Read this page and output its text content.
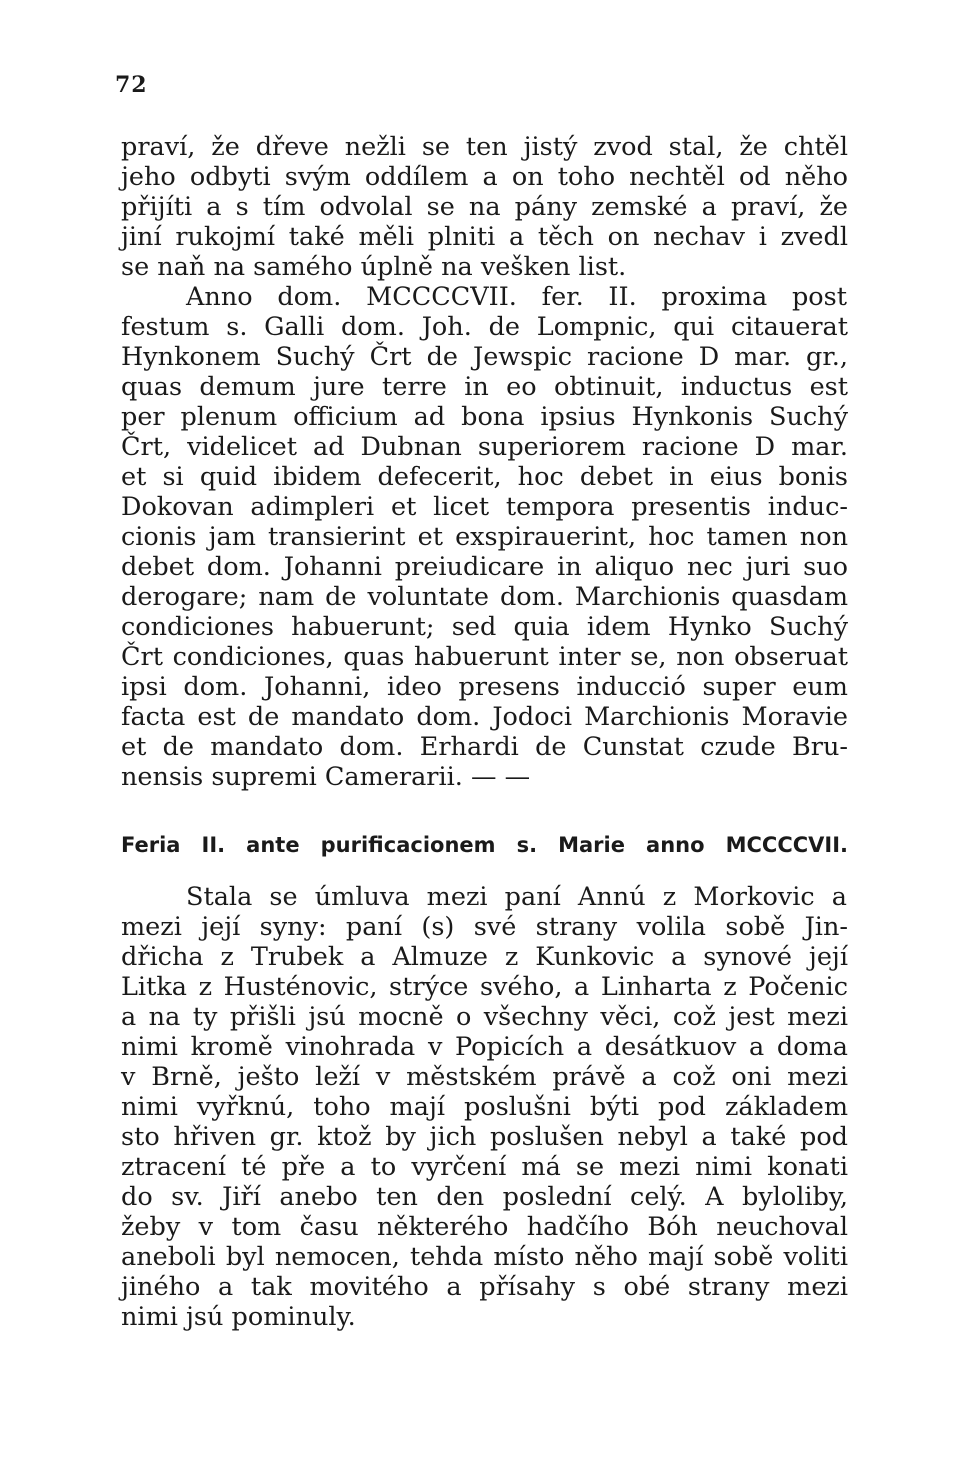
72
praví, že dřeve nežli se ten jistý zvod stal, že chtěl
jeho odbyti svým oddílem a on toho nechtěl od něho
přijíti a s tím odvolal se na pány zemské a praví, že
jiní rukojmí také měli plniti a těch on nechav i zvedl
se naň na samého úplně na vešken list.
Anno dom. MCCCCVII. fer. II. proxima post
festum s. Galli dom. Joh. de Lompnic, qui citauerat
Hynkonem Suchý Črt de Jewspic racione D mar. gr.,
quas demum jure terre in eo obtinuit, inductus est
per plenum officium ad bona ipsius Hynkonis Suchý
Črt, videlicet ad Dubnan superiorem racione D mar.
et si quid ibidem defecerit, hoc debet in eius bonis
Dokovan adimpleri et licet tempora presentis induc-
cionis jam transierint et exspirauerint, hoc tamen non
debet dom. Johanni preiudicare in aliquo nec juri suo
derogare; nam de voluntate dom. Marchionis quasdam
condiciones habuerunt; sed quia idem Hynko Suchý
Črt condiciones, quas habuerunt inter se, non obseruat
ipsi dom. Johanni, ideo presens inducció super eum
facta est de mandato dom. Jodoci Marchionis Moravie
et de mandato dom. Erhardi de Cunstat czude Bru-
nensis supremi Camerarii. — —
Feria II. ante purificacionem s. Marie anno MCCCCVII.
Stala se úmluva mezi paní Annú z Morkovic a
mezi její syny: paní (s) své strany volila sobě Jin-
dřicha z Trubek a Almuze z Kunkovic a synové její
Litka z Husténovic, strýce svého, a Linharta z Počenic
a na ty přišli jsú mocně o všechny věci, což jest mezi
nimi kromě vinohrada v Popicích a desátkuov a doma
v Brně, ješto leží v městském právě a což oni mezi
nimi vyřknú, toho mají poslušni býti pod základem
sto hřiven gr. ktož by jich poslušen nebyl a také pod
ztracení té pře a to vyrčení má se mezi nimi konati
do sv. Jiří anebo ten den poslední celý. A byloliby,
žeby v tom času některého hadčího Bóh neuchoval
aneboli byl nemocen, tehda místo něho mají sobě voliti
jiného a tak movitého a přísahy s obé strany mezi
nimi jsú pominuly.
